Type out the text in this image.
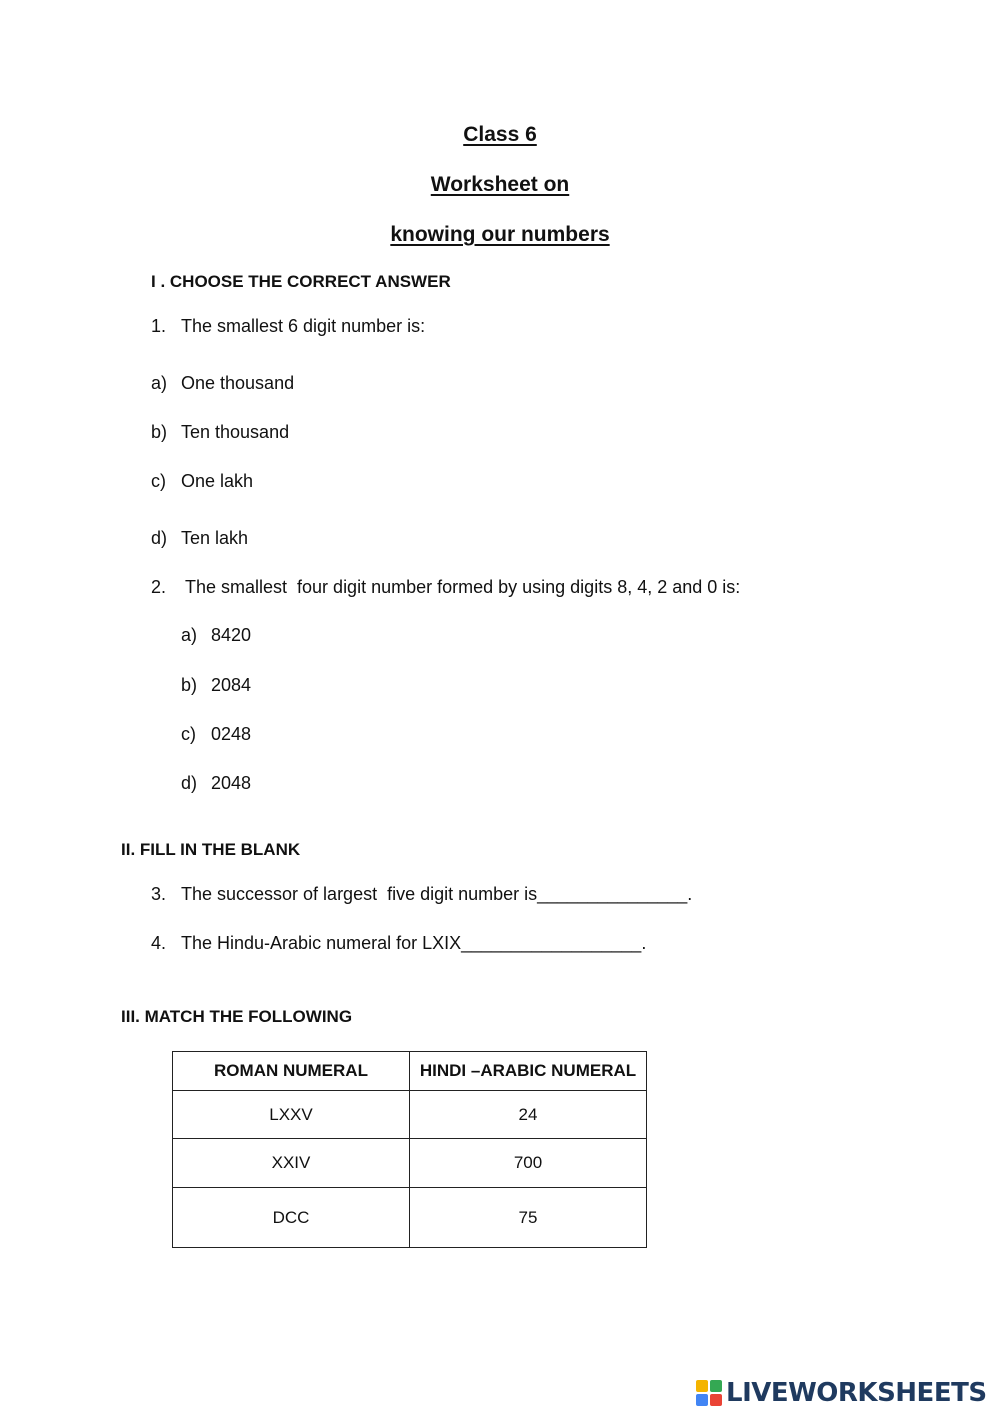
Class 6
Worksheet on
knowing our numbers
I . CHOOSE THE CORRECT ANSWER
1. The smallest 6 digit number is:
a) One thousand
b) Ten thousand
c) One lakh
d) Ten lakh
2. The smallest  four digit number formed by using digits 8, 4, 2 and 0 is:
a) 8420
b) 2084
c) 0248
d) 2048
II. FILL IN THE BLANK
3. The successor of largest  five digit number is_______________.
4. The Hindu-Arabic numeral for LXIX__________________.
III. MATCH THE FOLLOWING
ROMAN NUMERAL	HINDI –ARABIC NUMERAL
LXXV	24
XXIV	700
DCC	75
LIVEWORKSHEETS
